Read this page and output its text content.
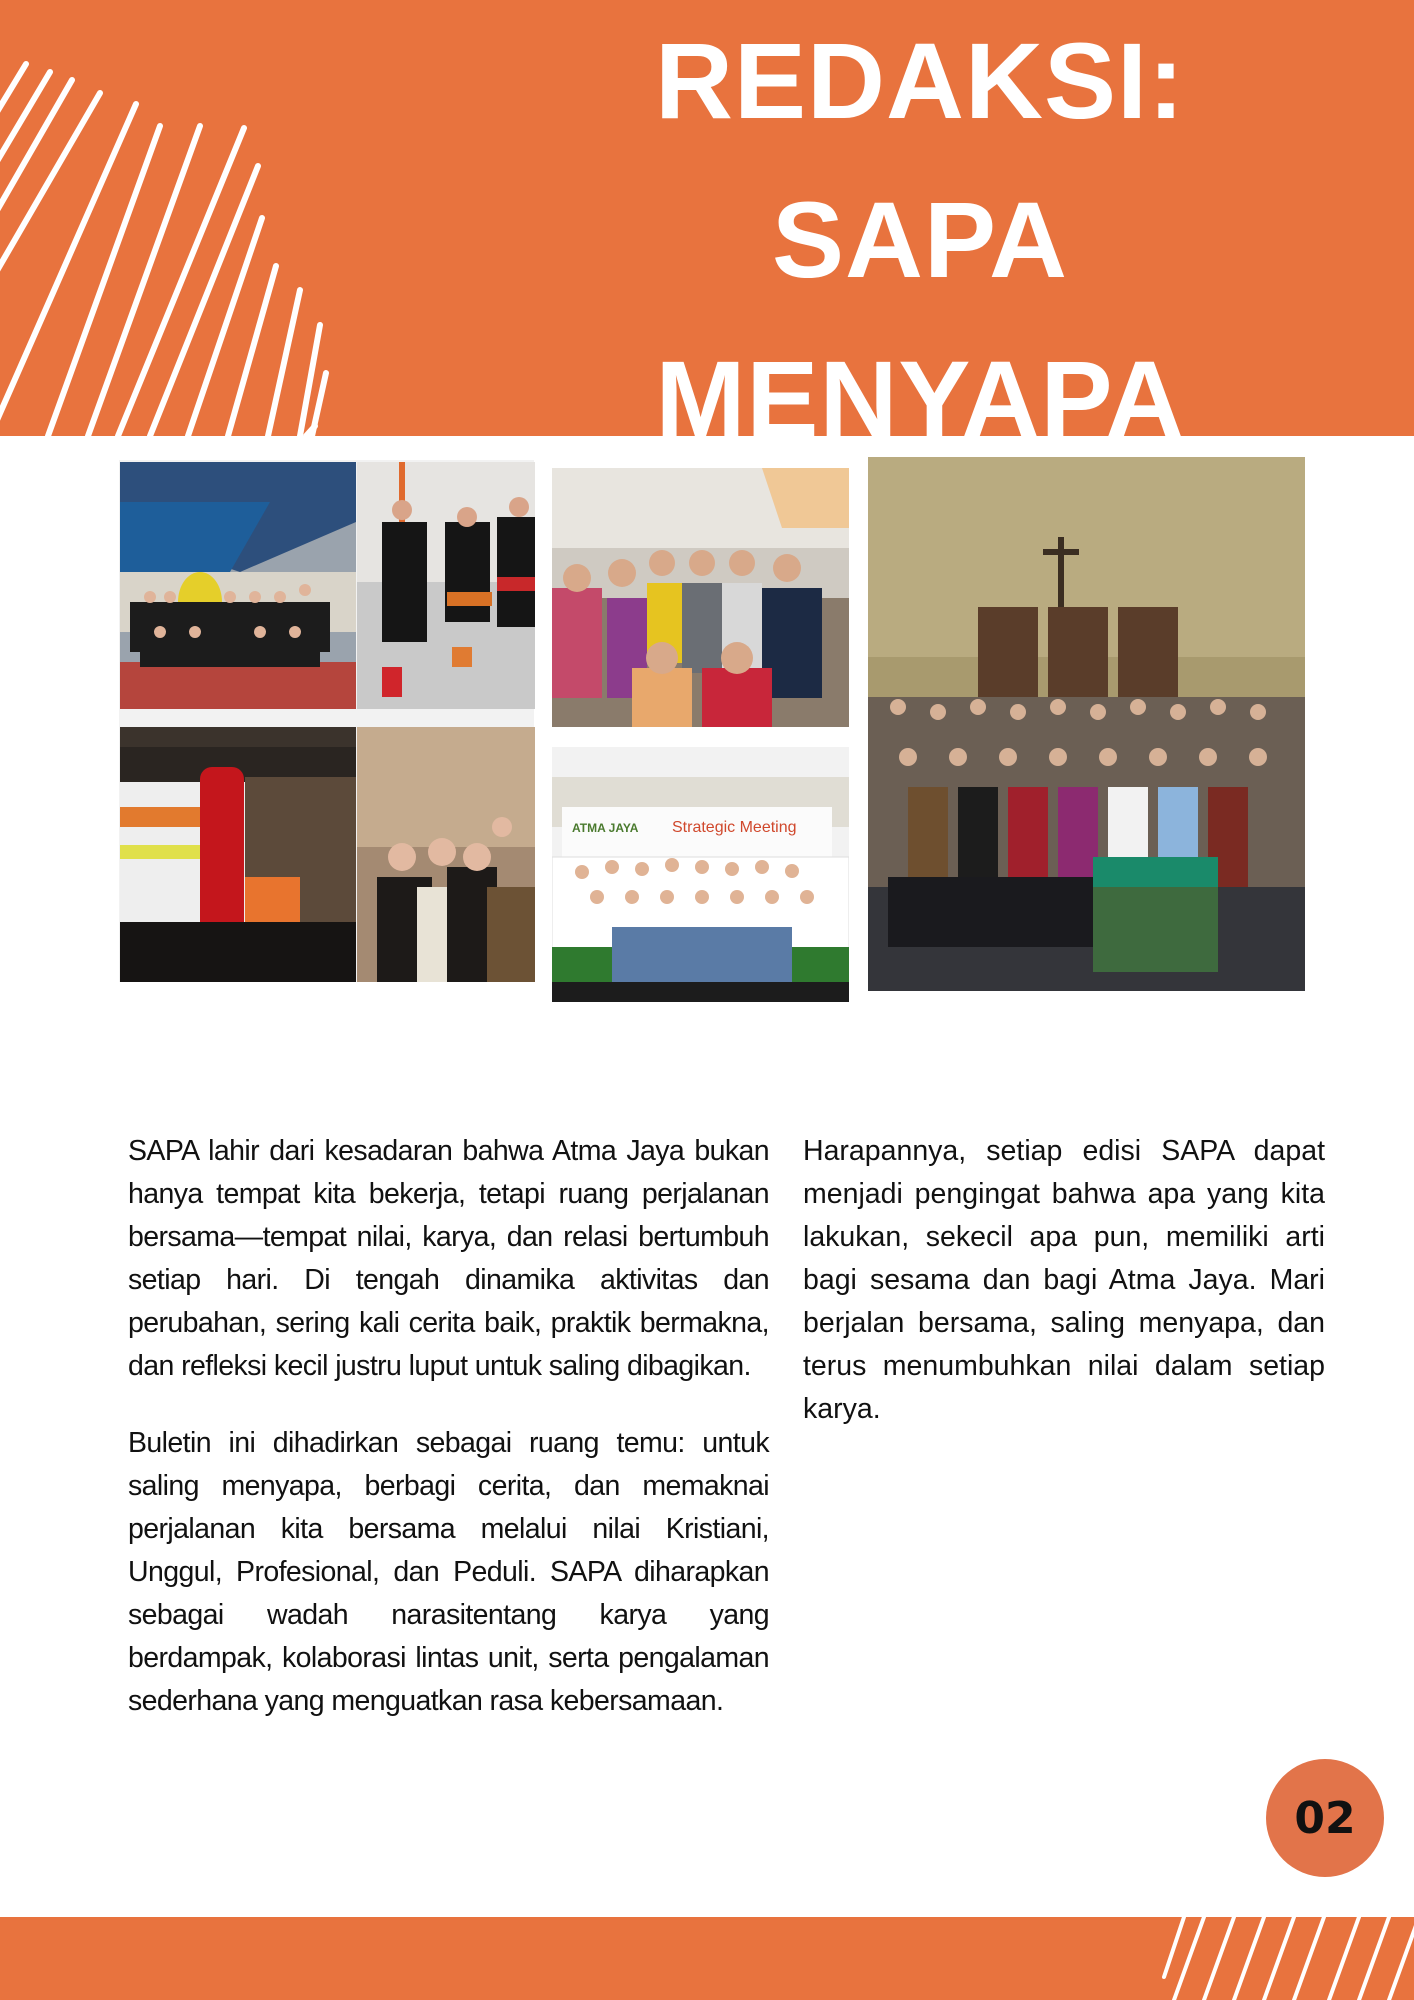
REDAKSI:
SAPA
MENYAPA
ATMA JAYA Strategic Meeting

SAPA lahir dari kesadaran bahwa Atma Jaya bukan hanya tempat kita bekerja, tetapi ruang perjalanan bersama—tempat nilai, karya, dan relasi bertumbuh setiap hari. Di tengah dinamika aktivitas dan perubahan, sering kali cerita baik, praktik bermakna, dan refleksi kecil justru luput untuk saling dibagikan.

Buletin ini dihadirkan sebagai ruang temu: untuk saling menyapa, berbagi cerita, dan memaknai perjalanan kita bersama melalui nilai Kristiani, Unggul, Profesional, dan Peduli. SAPA diharapkan sebagai wadah narasitentang karya yang berdampak, kolaborasi lintas unit, serta pengalaman sederhana yang menguatkan rasa kebersamaan.

Harapannya, setiap edisi SAPA dapat menjadi pengingat bahwa apa yang kita lakukan, sekecil apa pun, memiliki arti bagi sesama dan bagi Atma Jaya. Mari berjalan bersama, saling menyapa, dan terus menumbuhkan nilai dalam setiap karya.

02
